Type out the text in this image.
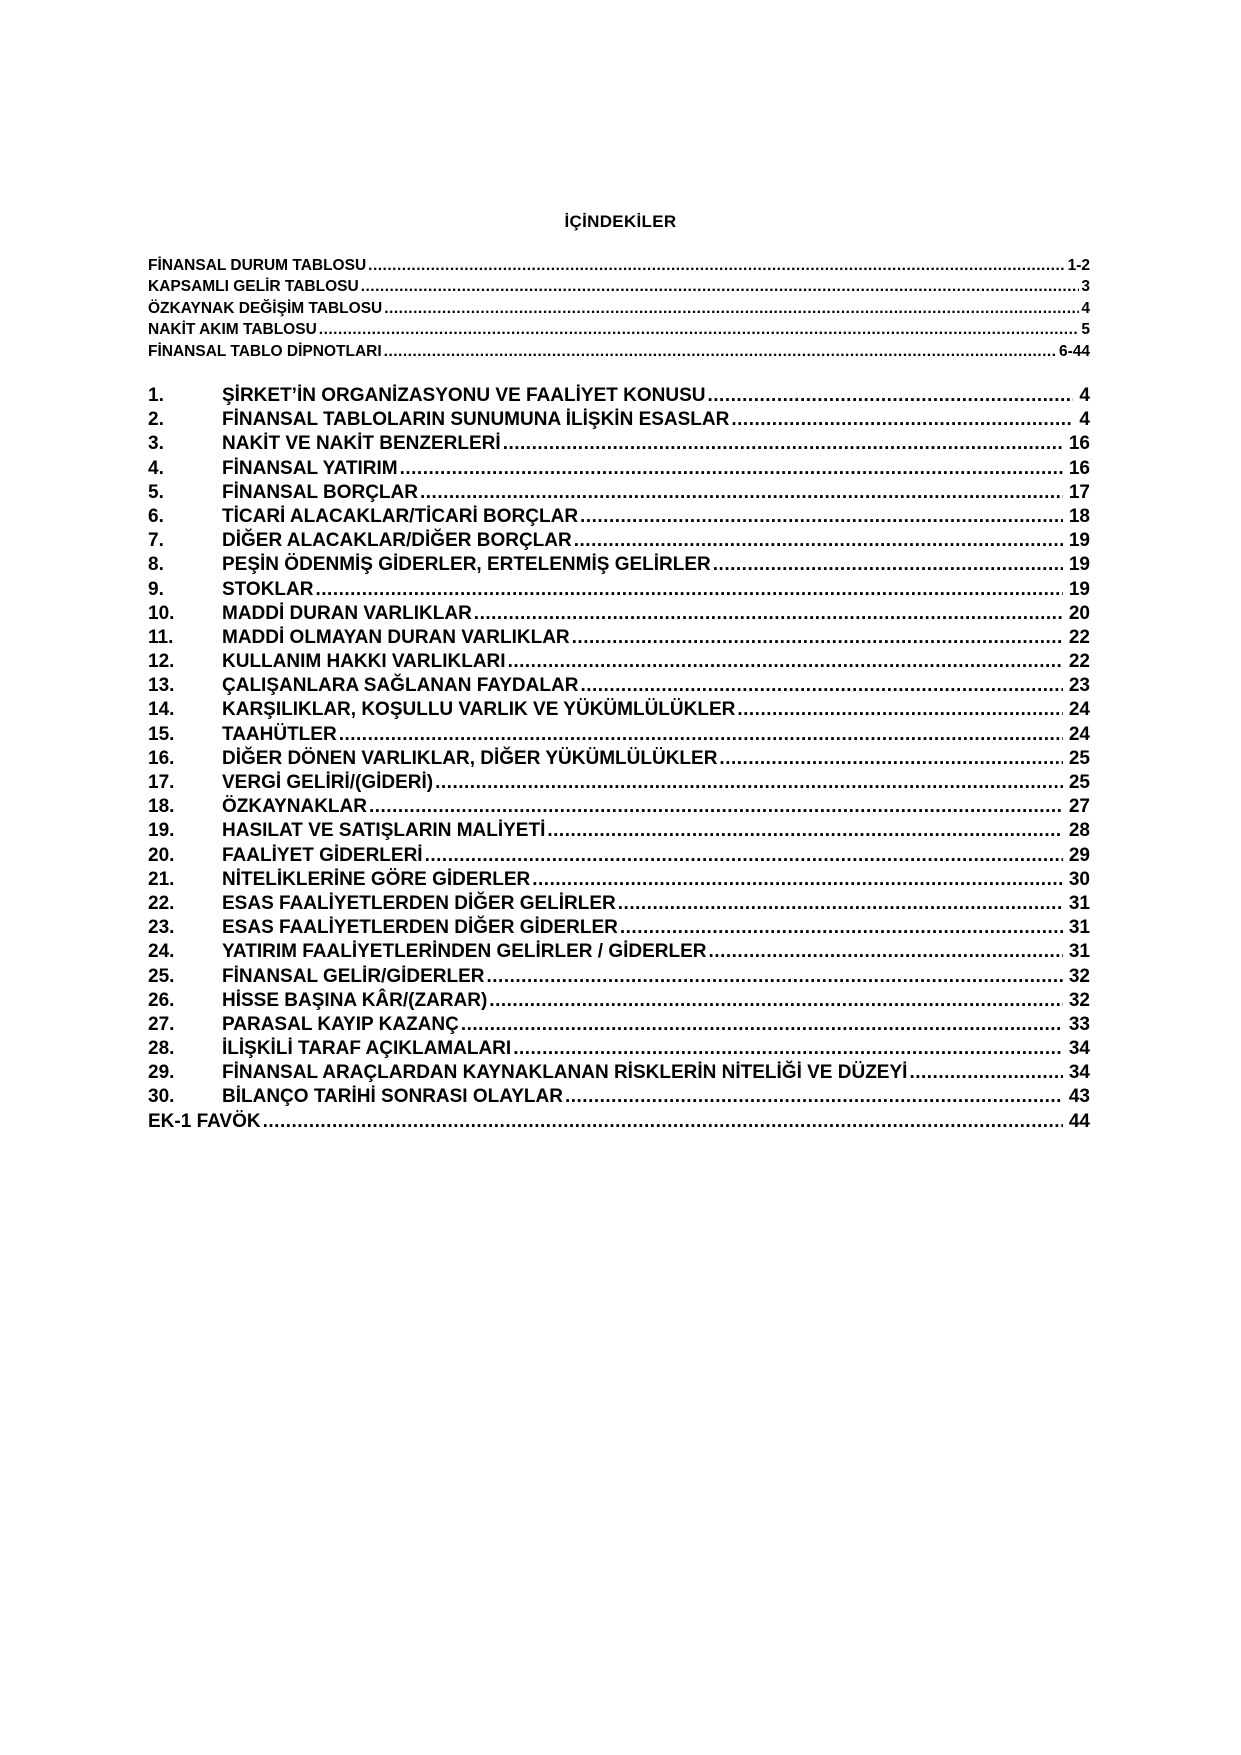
İÇİNDEKİLER
FİNANSAL DURUM TABLOSU .....	1-2
KAPSAMLI GELİR TABLOSU .....	3
ÖZKAYNAK DEĞİŞİM TABLOSU .....	4
NAKİT AKIM TABLOSU .....	5
FİNANSAL TABLO DİPNOTLARI .....	6-44
1.	ŞİRKET’İN ORGANİZASYONU VE FAALİYET KONUSU .....	4
2.	FİNANSAL TABLOLARIN SUNUMUNA İLİŞKİN ESASLAR .....	4
3.	NAKİT VE NAKİT BENZERLERİ .....	16
4.	FİNANSAL YATIRIM .....	16
5.	FİNANSAL BORÇLAR .....	17
6.	TİCARİ ALACAKLAR/TİCARİ BORÇLAR .....	18
7.	DİĞER ALACAKLAR/DİĞER BORÇLAR .....	19
8.	PEŞİN ÖDENMİŞ GİDERLER, ERTELENMİŞ GELİRLER .....	19
9.	STOKLAR .....	19
10.	MADDİ DURAN VARLIKLAR .....	20
11.	MADDİ OLMAYAN DURAN VARLIKLAR .....	22
12.	KULLANIM HAKKI VARLIKLARI .....	22
13.	ÇALIŞANLARA SAĞLANAN FAYDALAR .....	23
14.	KARŞILIKLAR, KOŞULLU VARLIK VE YÜKÜMLÜLÜKLER .....	24
15.	TAAHÜTLER .....	24
16.	DİĞER DÖNEN VARLIKLAR, DİĞER YÜKÜMLÜLÜKLER .....	25
17.	VERGİ GELİRİ/(GİDERİ) .....	25
18.	ÖZKAYNAKLAR .....	27
19.	HASILAT VE SATIŞLARIN MALİYETİ .....	28
20.	FAALİYET GİDERLERİ .....	29
21.	NİTELİKLERİNE GÖRE GİDERLER .....	30
22.	ESAS FAALİYETLERDEN DİĞER GELİRLER .....	31
23.	ESAS FAALİYETLERDEN DİĞER GİDERLER .....	31
24.	YATIRIM FAALİYETLERİNDEN GELİRLER / GİDERLER .....	31
25.	FİNANSAL GELİR/GİDERLER .....	32
26.	HİSSE BAŞINA KÂR/(ZARAR) .....	32
27.	PARASAL KAYIP KAZANÇ .....	33
28.	İLİŞKİLİ TARAF AÇIKLAMALARI .....	34
29.	FİNANSAL ARAÇLARDAN KAYNAKLANAN RİSKLERİN NİTELİĞİ VE DÜZEYİ .....	34
30.	BİLANÇO TARİHİ SONRASI OLAYLAR .....	43
EK-1 FAVÖK .....	44
